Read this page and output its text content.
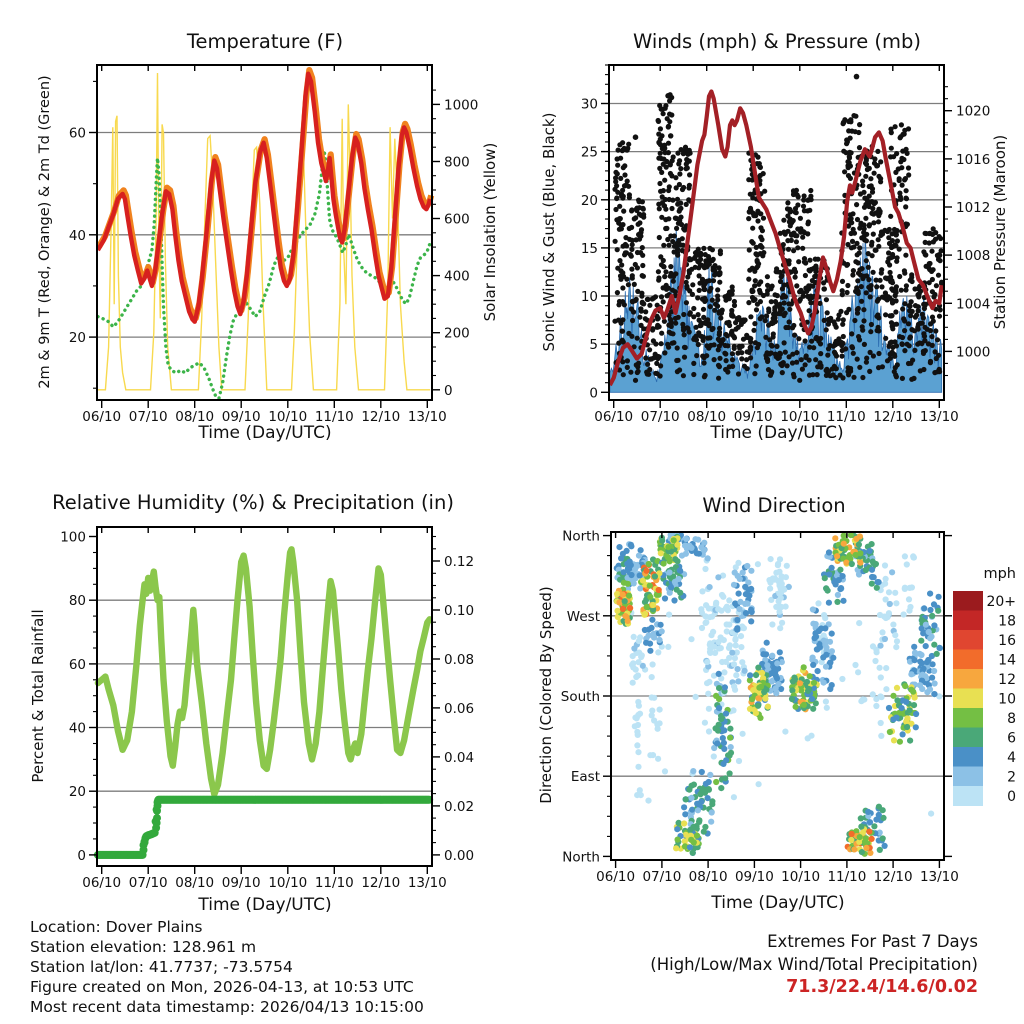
06/10 07/10 08/10 09/10 10/10 11/10 12/10 13/10
20
40
60
0
200
400
600
800
1000
06/10 07/10 08/10 09/10 10/10 11/10 12/10 13/10
0
5
10
15
20
25
30
1000
1004
1008
1012
1016
1020
06/10 07/10 08/10 09/10 10/10 11/10 12/10 13/10
0
20
40
60
80
100
0.00
0.02
0.04
0.06
0.08
0.10
0.12
06/10 07/10 08/10 09/10 10/10 11/10 12/10 13/10
North
West
South
East
North
20+
18
16
14
12
10
8
6
4
2
0
Temperature (F)	Winds (mph) & Pressure (mb)
Relative Humidity (%) & Precipitation (in)	Wind Direction
Time (Day/UTC)	Time (Day/UTC)
Time (Day/UTC)	Time (Day/UTC)
2m & 9m T (Red, Orange) & 2m Td (Green)	Solar Insolation (Yellow)	Sonic Wind & Gust (Blue, Black)	Station Pressure (Maroon)
Percent & Total Rainfall	Direction (Colored By Speed)
mph
Location: Dover Plains
Station elevation: 128.961 m
Station lat/lon: 41.7737; -73.5754
Figure created on Mon, 2026-04-13, at 10:53 UTC
Most recent data timestamp: 2026/04/13 10:15:00
Extremes For Past 7 Days
(High/Low/Max Wind/Total Precipitation)
71.3/22.4/14.6/0.02
